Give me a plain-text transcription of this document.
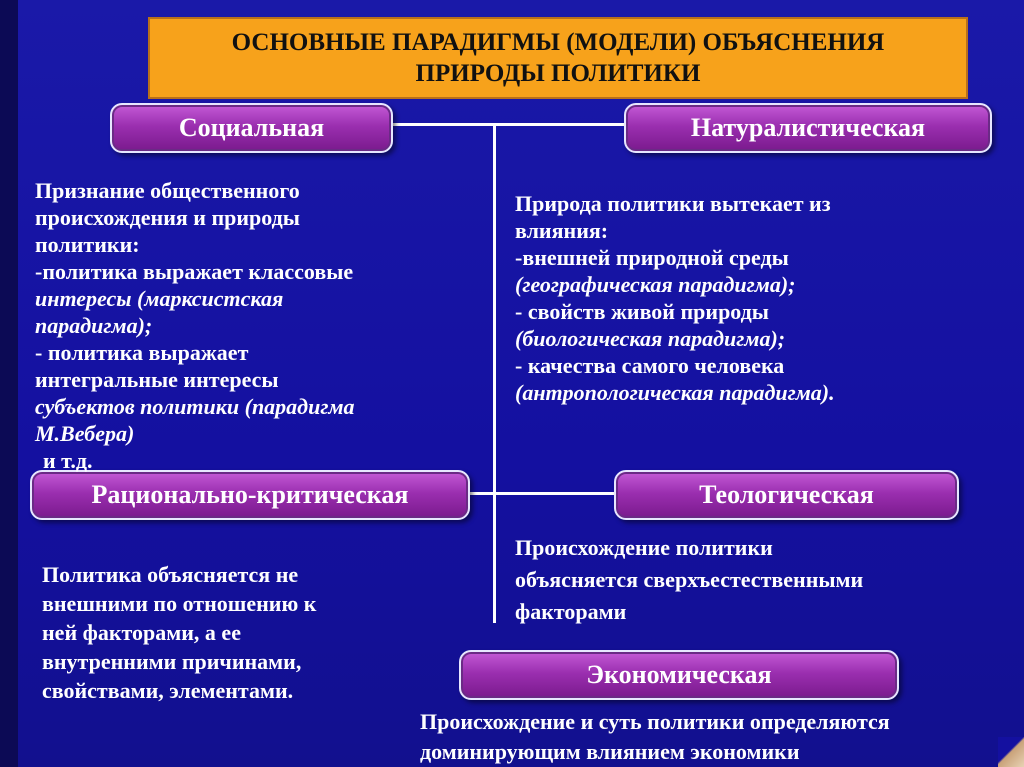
ОСНОВНЫЕ ПАРАДИГМЫ (МОДЕЛИ) ОБЪЯСНЕНИЯ
ПРИРОДЫ ПОЛИТИКИ
Социальная	Натуралистическая
Рационально-критическая	Теологическая
Экономическая
Признание общественного
происхождения и природы
политики:
-политика выражает классовые
интересы (марксистская
парадигма);
- политика выражает
интегральные интересы
субъектов политики (парадигма
М.Вебера)
и т.д.
Природа политики вытекает из
влияния:
-внешней природной среды
(географическая парадигма);
- свойств живой природы
(биологическая парадигма);
- качества самого человека
(антропологическая парадигма).
Политика объясняется не
внешними по отношению к
ней факторами, а ее
внутренними причинами,
свойствами, элементами.
Происхождение политики
объясняется сверхъестественными
факторами
Происхождение и суть политики определяются
доминирующим влиянием экономики
